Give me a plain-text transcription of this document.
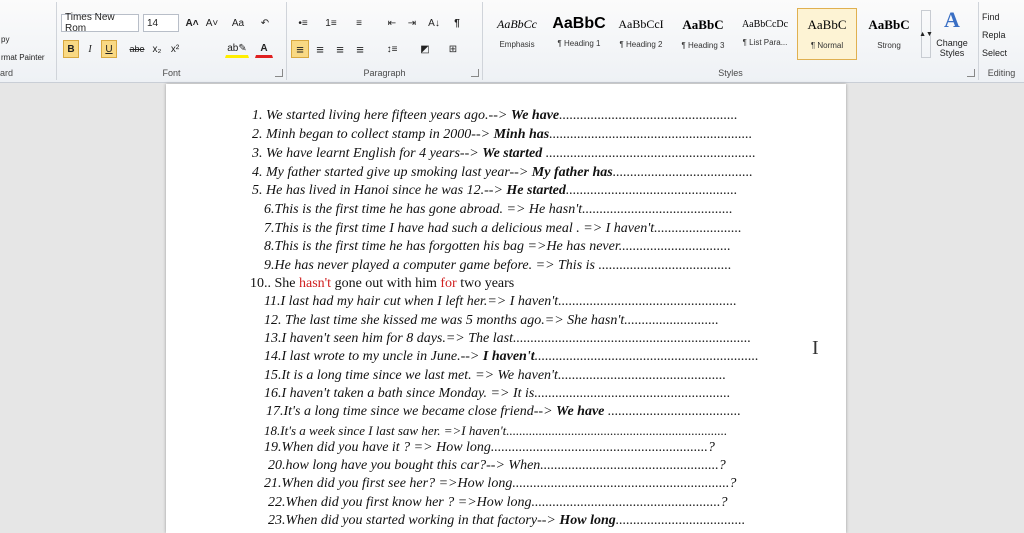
py
rmat Painter
ard
Times New Rom	14	A˄ A˅	Aa	↶
B	I	U	abe x₂ x²	ab✎	A
Font
•≡	1≡	≡	⇤	⇥	A↓	¶
≡ ≡ ≡ ≡	↕≡	◩	⊞
Paragraph
AaBbCc
Emphasis
AaBbC
¶ Heading 1
AaBbCcI
¶ Heading 2
AaBbC
¶ Heading 3
AaBbCcDc
¶ List Para...
AaBbC
¶ Normal
AaBbC
Strong
▲▼
A
Change Styles
Styles
Find
Repla
Select
Editing
1. We started living here fifteen years ago.--> We have...................................................
2. Minh began to collect stamp in 2000--> Minh has..........................................................
3. We have learnt English for 4 years--> We started ............................................................
4. My father started give up smoking last year--> My father has........................................
5. He has lived in Hanoi since he was 12.--> He started.................................................
6.This is the first time he has gone abroad. => He hasn't...........................................
7.This is the first time I have had such a delicious meal . => I haven't.........................
8.This is the first time he has forgotten his bag =>He has never................................
9.He has never played a computer game before. => This is ......................................
10.. She hasn't gone out with him for two years
11.I last had my hair cut when I left her.=> I haven't...................................................
12. The last time she kissed me was 5 months ago.=> She hasn't...........................
13.I haven't seen him for 8 days.=> The last....................................................................
14.I last wrote to my uncle in June.--> I haven't................................................................
15.It is a long time since we last met. => We haven't................................................
16.I haven't taken a bath since Monday. => It is........................................................
17.It's a long time since we became close friend--> We have ......................................
18.It's a week since I last saw her. =>I haven't....................................................................
19.When did you have it ? => How long..............................................................?
20.how long have you bought this car?--> When...................................................?
21.When did you first see her? =>How long..............................................................?
22.When did you first know her ? =>How long......................................................?
23.When did you started working in that factory--> How long.....................................
I
